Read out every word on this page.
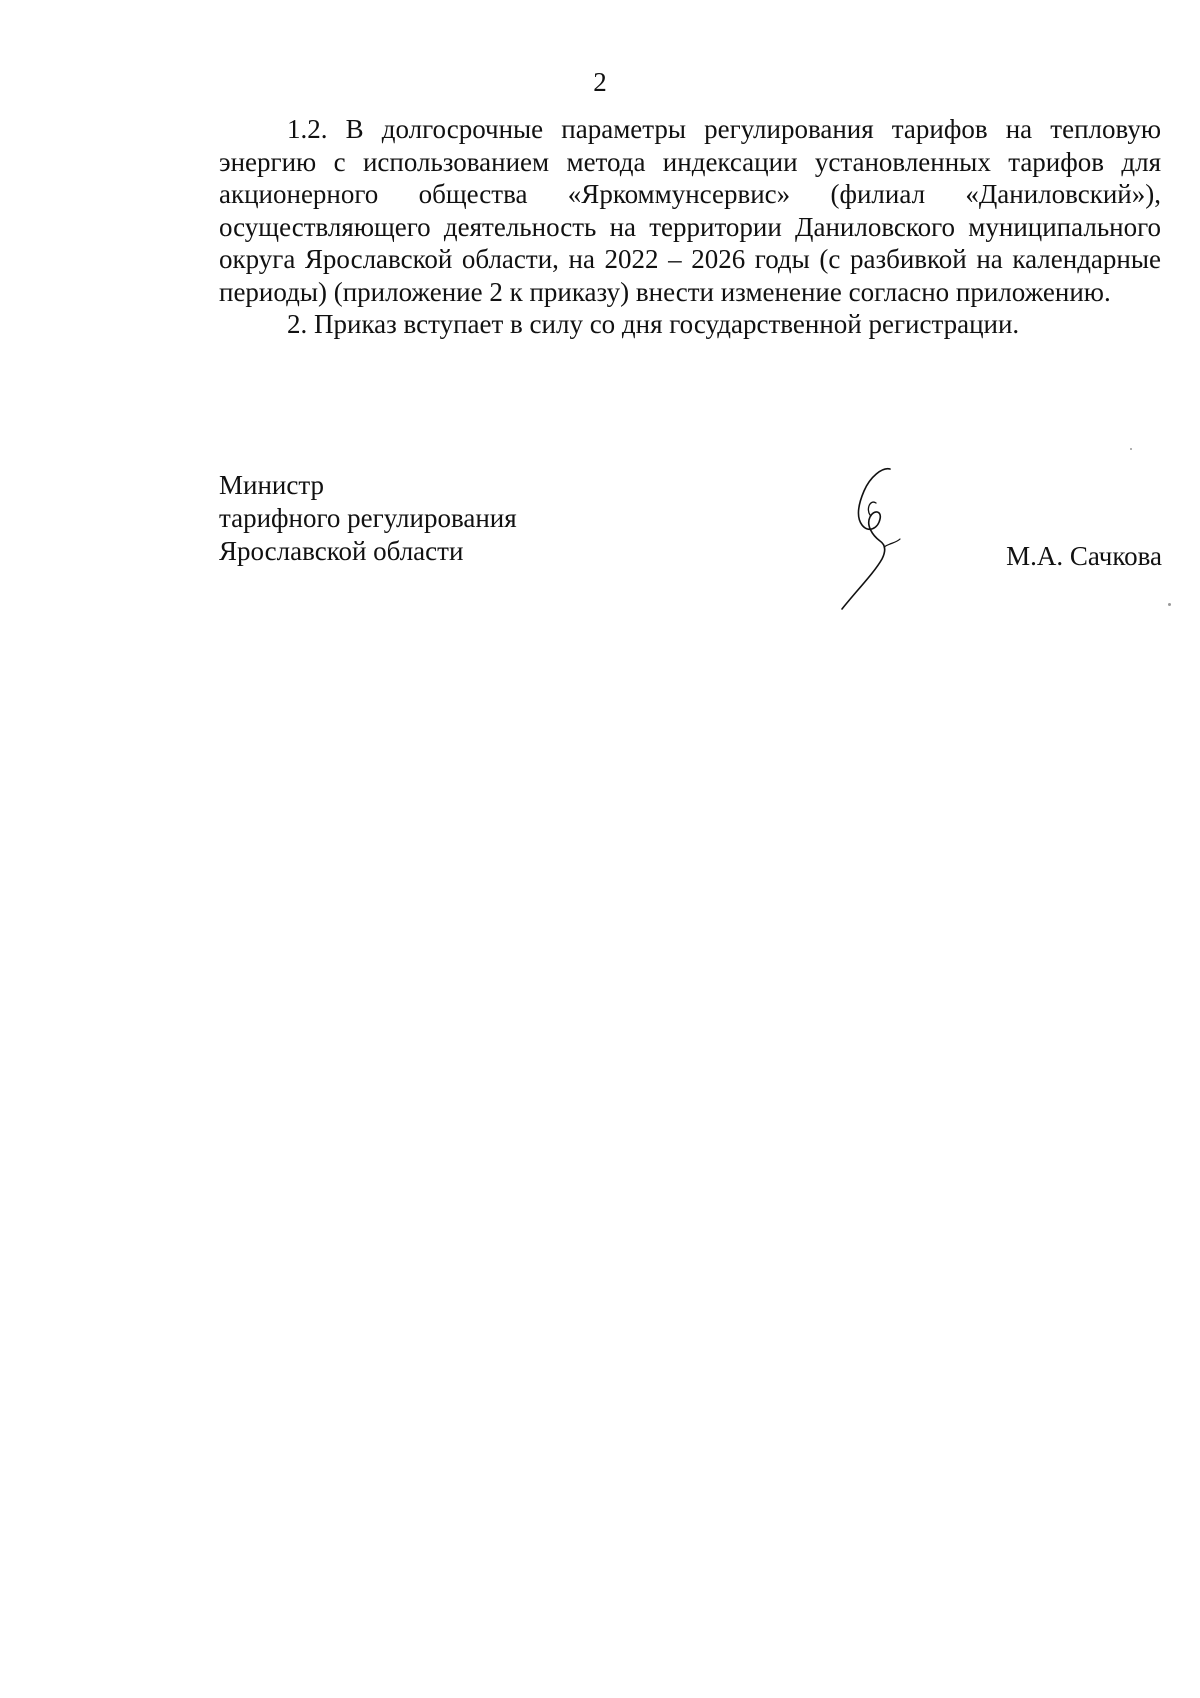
2

1.2. В долгосрочные параметры регулирования тарифов на тепловую энергию с использованием метода индексации установленных тарифов для акционерного общества «Яркоммунсервис» (филиал «Даниловский»), осуществляющего деятельность на территории Даниловского муниципального округа Ярославской области, на 2022 – 2026 годы (с разбивкой на календарные периоды) (приложение 2 к приказу) внести изменение согласно приложению.

2. Приказ вступает в силу со дня государственной регистрации.

Министр
тарифного регулирования
Ярославской области	М.А. Сачкова
